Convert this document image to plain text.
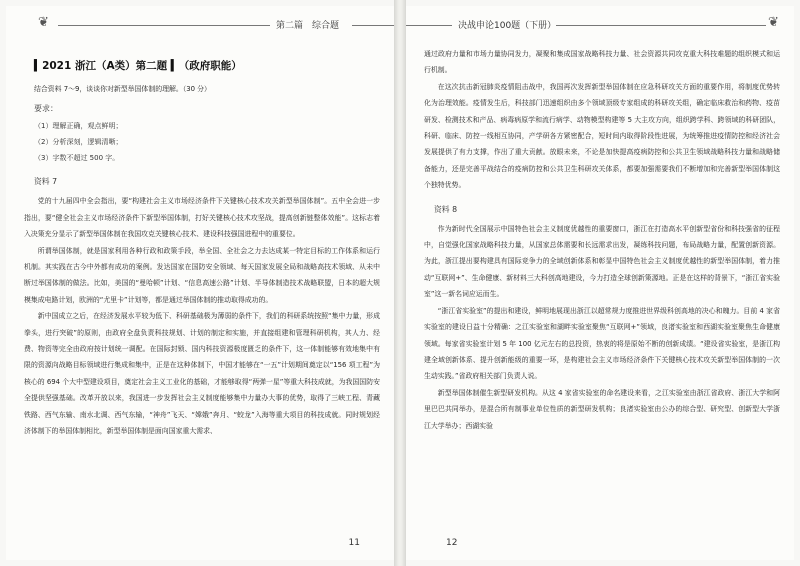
❦	第二篇　综合题
▍2021 浙江（A类）第二题 ▍（政府职能）
结合资料 7～9，谈谈你对新型举国体制的理解。（30 分）
要求：
（1）理解正确，观点鲜明；
（2）分析深刻，逻辑清晰；
（3）字数不超过 500 字。
资料 7
党的十九届四中全会指出，要“构建社会主义市场经济条件下关键核心技术攻关新型举国体制”。五中全会进一步指出，要“健全社会主义市场经济条件下新型举国体制，打好关键核心技术攻坚战，提高创新链整体效能”。这标志着入决策充分显示了新型举国体制在我国攻克关键核心技术、建设科技强国进程中的重要位。
所谓举国体制，就是国家利用各种行政和政策手段，举全国、全社会之力去达成某一特定目标的工作体系和运行机制。其实践在古今中外都有成功的案例。发达国家在国防安全领域、每天国家发展全局和战略高技术领域、从未中断过举国体制的做法。比如，美国的“曼哈顿”计划、“信息高速公路”计划、半导体制造技术战略联盟，日本的超大规模集成电路计划，欧洲的“尤里卡”计划等，都是通过举国体制的推动取得成功的。
新中国成立之后，在经济发展水平较为低下、科研基础极为薄弱的条件下，我们的科研系统按照“集中力量，形成拳头，进行突破”的原则，由政府全盘负责科技规划、计划的制定和实施，并直接组建和管理科研机构，其人力、经费、物资等完全由政府按计划统一调配。在国际封锁、国内科技资源极度匮乏的条件下，这一体制能够有效地集中有限的资源向战略目标领域进行集成和集中，正是在这种体制下，中国才能够在“一五”计划期间奠定以“156 项工程”为核心的 694 个大中型建设项目，奠定社会主义工业化的基础，才能够取得“两弹一星”等重大科技成就，为我国国防安全提供坚强基础。改革开放以来，我国进一步发挥社会主义制度能够集中力量办大事的优势，取得了三峡工程、青藏铁路、西气东输、南水北调、西气东输，“神舟”飞天、“嫦娥”奔月、“蛟龙”入海等重大项目的科技成就。同时规划经济体制下的举国体制相比，新型举国体制是面向国家重大需求、
11
决战申论100题（下册）	❦
通过政府力量和市场力量协同发力，凝聚和集成国家战略科技力量、社会资源共同攻克重大科技难题的组织模式和运行机制。
在这次抗击新冠肺炎疫情阻击战中，我国再次发挥新型举国体制在应急科研攻关方面的重要作用，将制度优势转化为治理效能。疫情发生后，科技部门迅速组织由多个领域顶级专家组成的科研攻关组，确定临床救治和药物、疫苗研发、检测技术和产品、病毒病原学和流行病学、动物模型构建等 5 大主攻方向，组织跨学科、跨领域的科研团队，科研、临床、防控一线相互协同，产学研各方紧密配合，短时间内取得阶段性进展，为统筹推进疫情防控和经济社会发展提供了有力支撑，作出了重大贡献。放眼未来，不论是加快提高疫病防控和公共卫生领域战略科技力量和战略储备能力，还是完善平战结合的疫病防控和公共卫生科研攻关体系，都要加强需要我们不断增加和完善新型举国体制这个独特优势。
资料 8
作为新时代全国展示中国特色社会主义制度优越性的重要窗口，浙江在打造高水平创新型省份和科技强省的征程中，自觉强化国家战略科技力量，从国家总体需要和长远需求出发，凝练科技问题，布局战略力量，配置创新资源。为此，浙江提出要构建具有国际竞争力的全域创新体系和彰显中国特色社会主义制度优越性的新型举国体制，着力推动“互联网+”、生命健康、新材料三大科创高地建设，今力打造全球创新策源地。正是在这样的背景下，“浙江省实验室”这一新名词应运而生。
“浙江省实验室”的提出和建设，鲜明地展现出浙江以超常规力度推进世界级科创高地的决心和魄力。目前 4 家省实验室的建设日益十分精确：之江实验室和湖畔实验室聚焦“互联网+”领域，良渚实验室和西湖实验室聚焦生命健康领域。每家省实验室计划 5 年 100 亿元左右的总投资，热衷的将是原始不断的创新成绩。“建设省实验室，是浙江构建全域创新体系、提升创新能级的重要一环，是构建社会主义市场经济条件下关键核心技术攻关新型举国体制的一次生动实践。”省政府相关部门负责人说。
新型举国体制催生新型研发机构。从这 4 家省实验室的命名建设来看，之江实验室由浙江省政府、浙江大学和阿里巴巴共同举办，是混合所有制事业单位性质的新型研发机构；良渚实验室由公办的综合型、研究型、创新型大学浙江大学举办；西湖实验
12
